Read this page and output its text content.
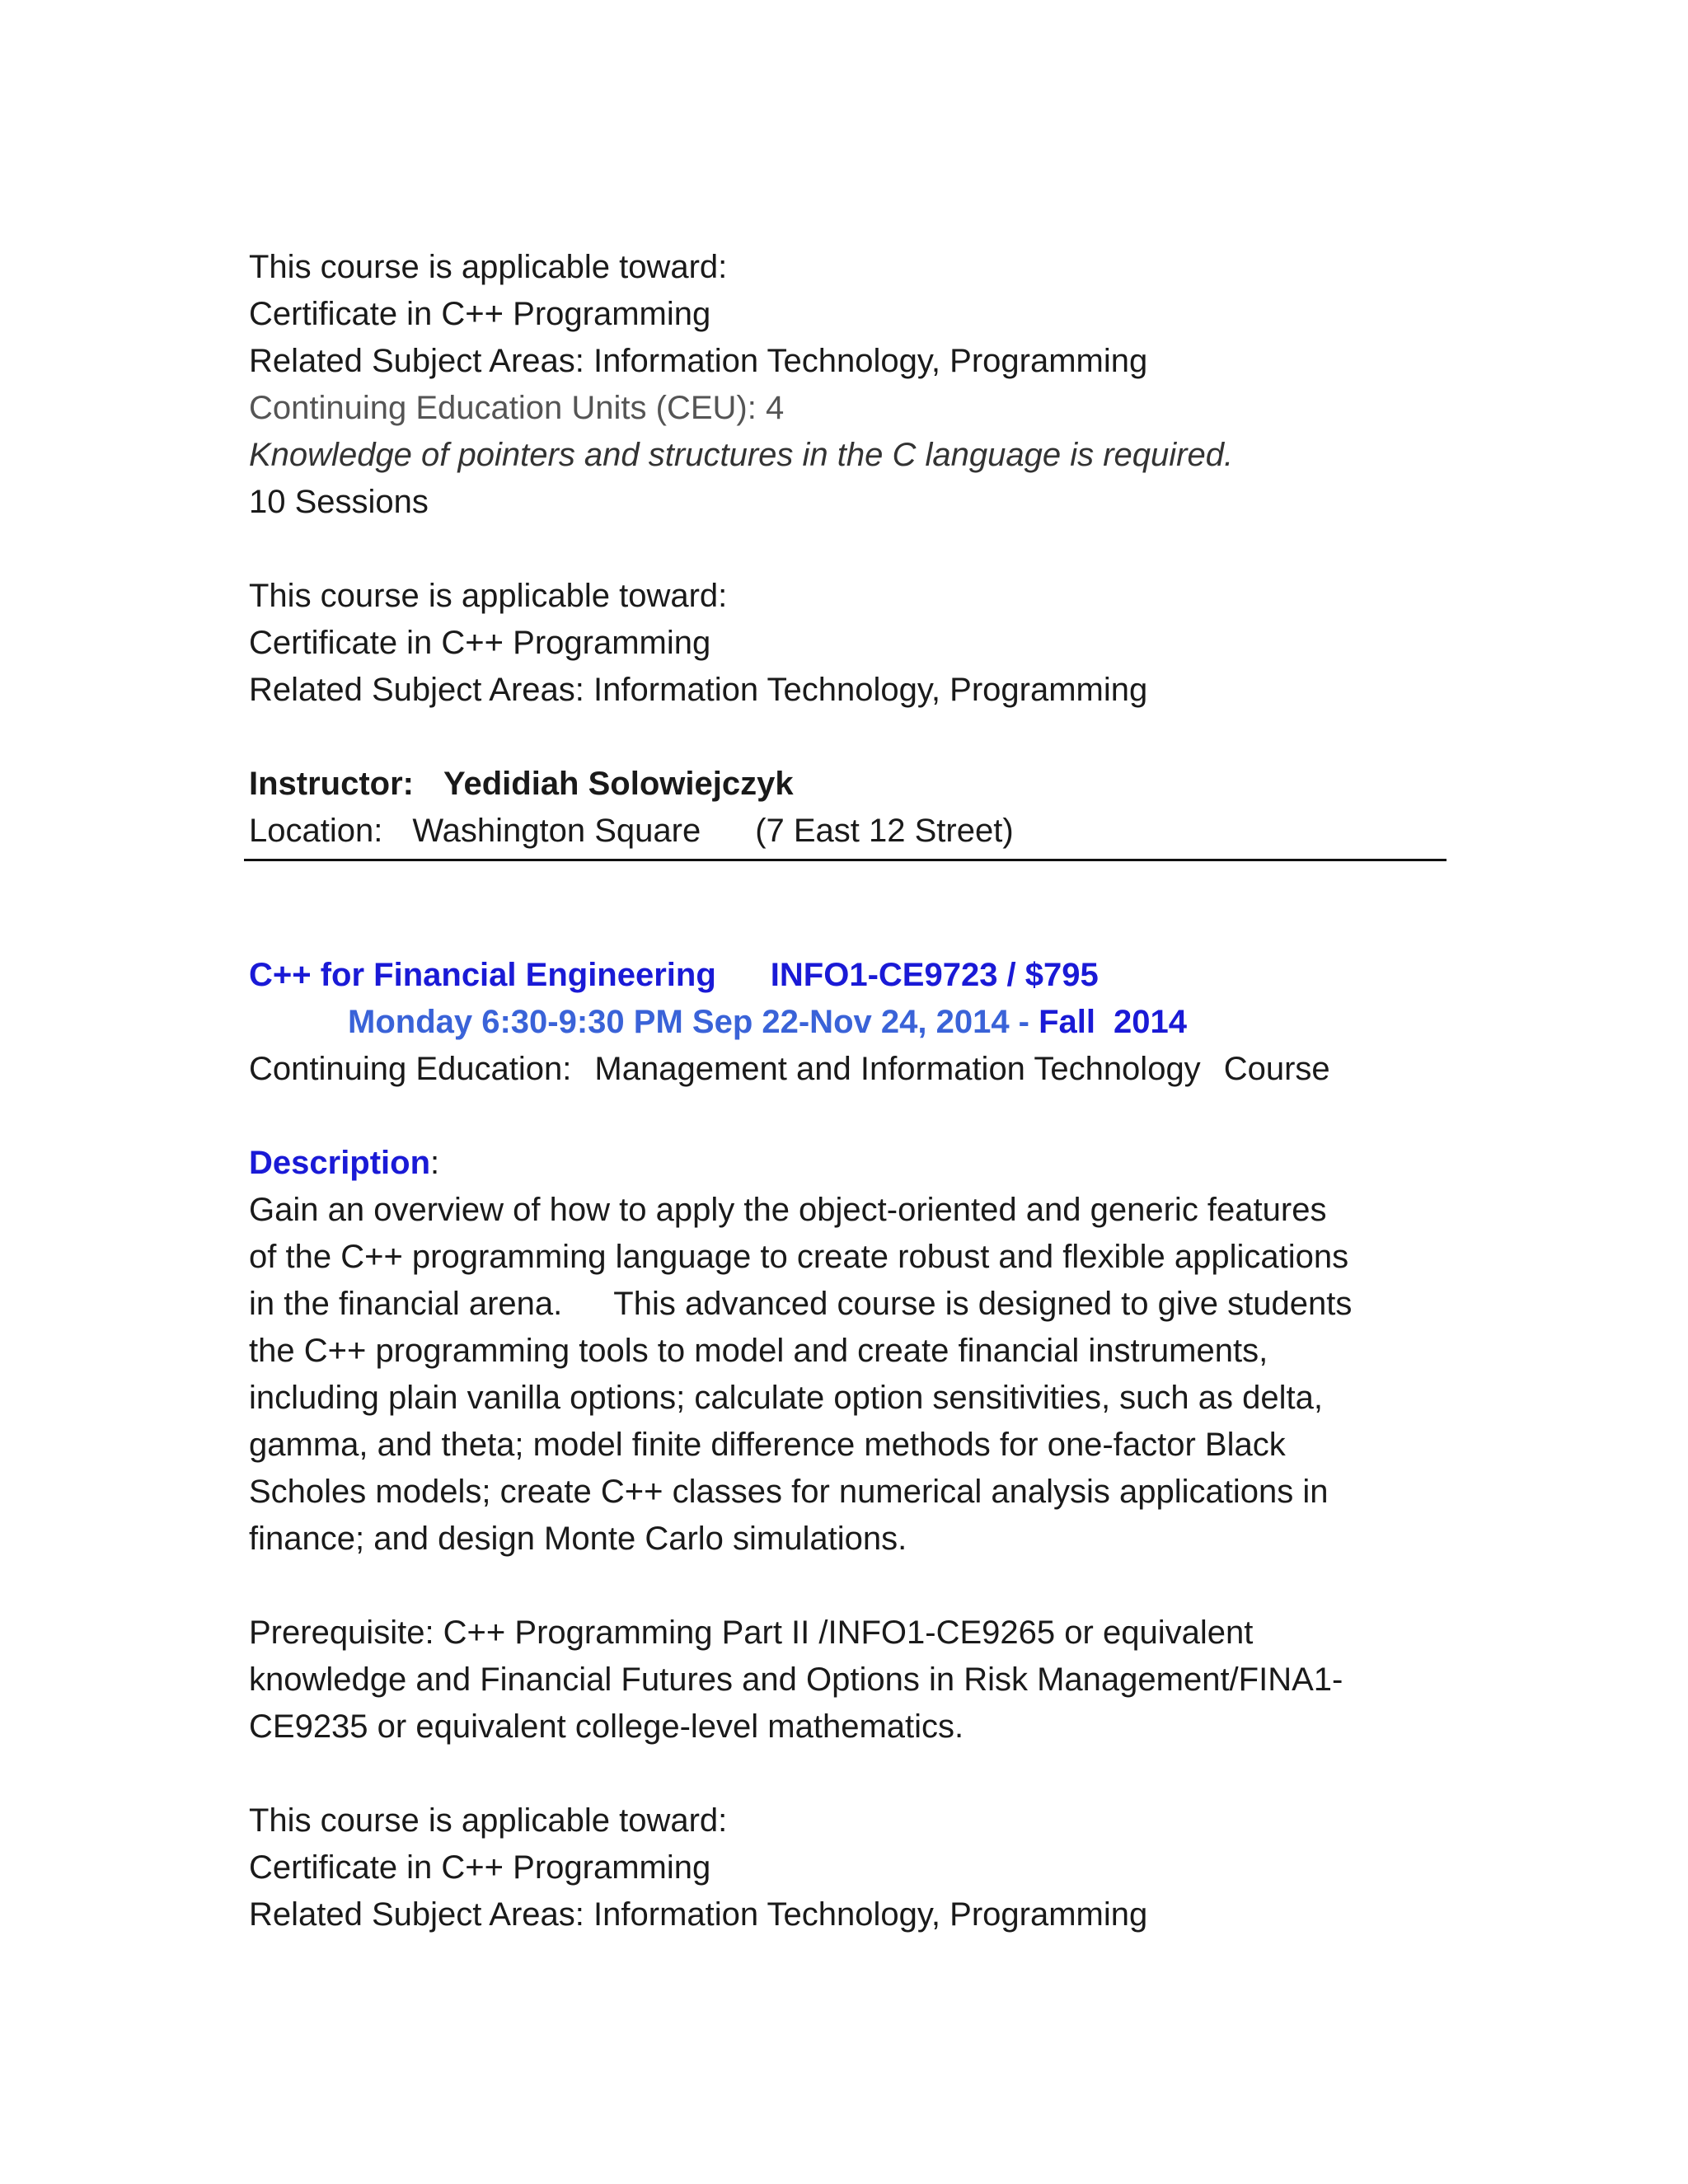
This course is applicable toward:
Certificate in C++ Programming
Related Subject Areas: Information Technology, Programming
Continuing Education Units (CEU): 4
Knowledge of pointers and structures in the C language is required.
10 Sessions
This course is applicable toward:
Certificate in C++ Programming
Related Subject Areas: Information Technology, Programming
Instructor: Yedidiah Solowiejczyk
Location: Washington Square (7 East 12 Street)
C++ for Financial Engineering INFO1-CE9723 / $795
Monday 6:30-9:30 PM Sep 22-Nov 24, 2014 - Fall 2014
Continuing Education: Management and Information Technology Course
Description:
Gain an overview of how to apply the object-oriented and generic features
of the C++ programming language to create robust and flexible applications
in the financial arena. This advanced course is designed to give students
the C++ programming tools to model and create financial instruments,
including plain vanilla options; calculate option sensitivities, such as delta,
gamma, and theta; model finite difference methods for one-factor Black
Scholes models; create C++ classes for numerical analysis applications in
finance; and design Monte Carlo simulations.
Prerequisite: C++ Programming Part II /INFO1-CE9265 or equivalent
knowledge and Financial Futures and Options in Risk Management/FINA1-
CE9235 or equivalent college-level mathematics.
This course is applicable toward:
Certificate in C++ Programming
Related Subject Areas: Information Technology, Programming
